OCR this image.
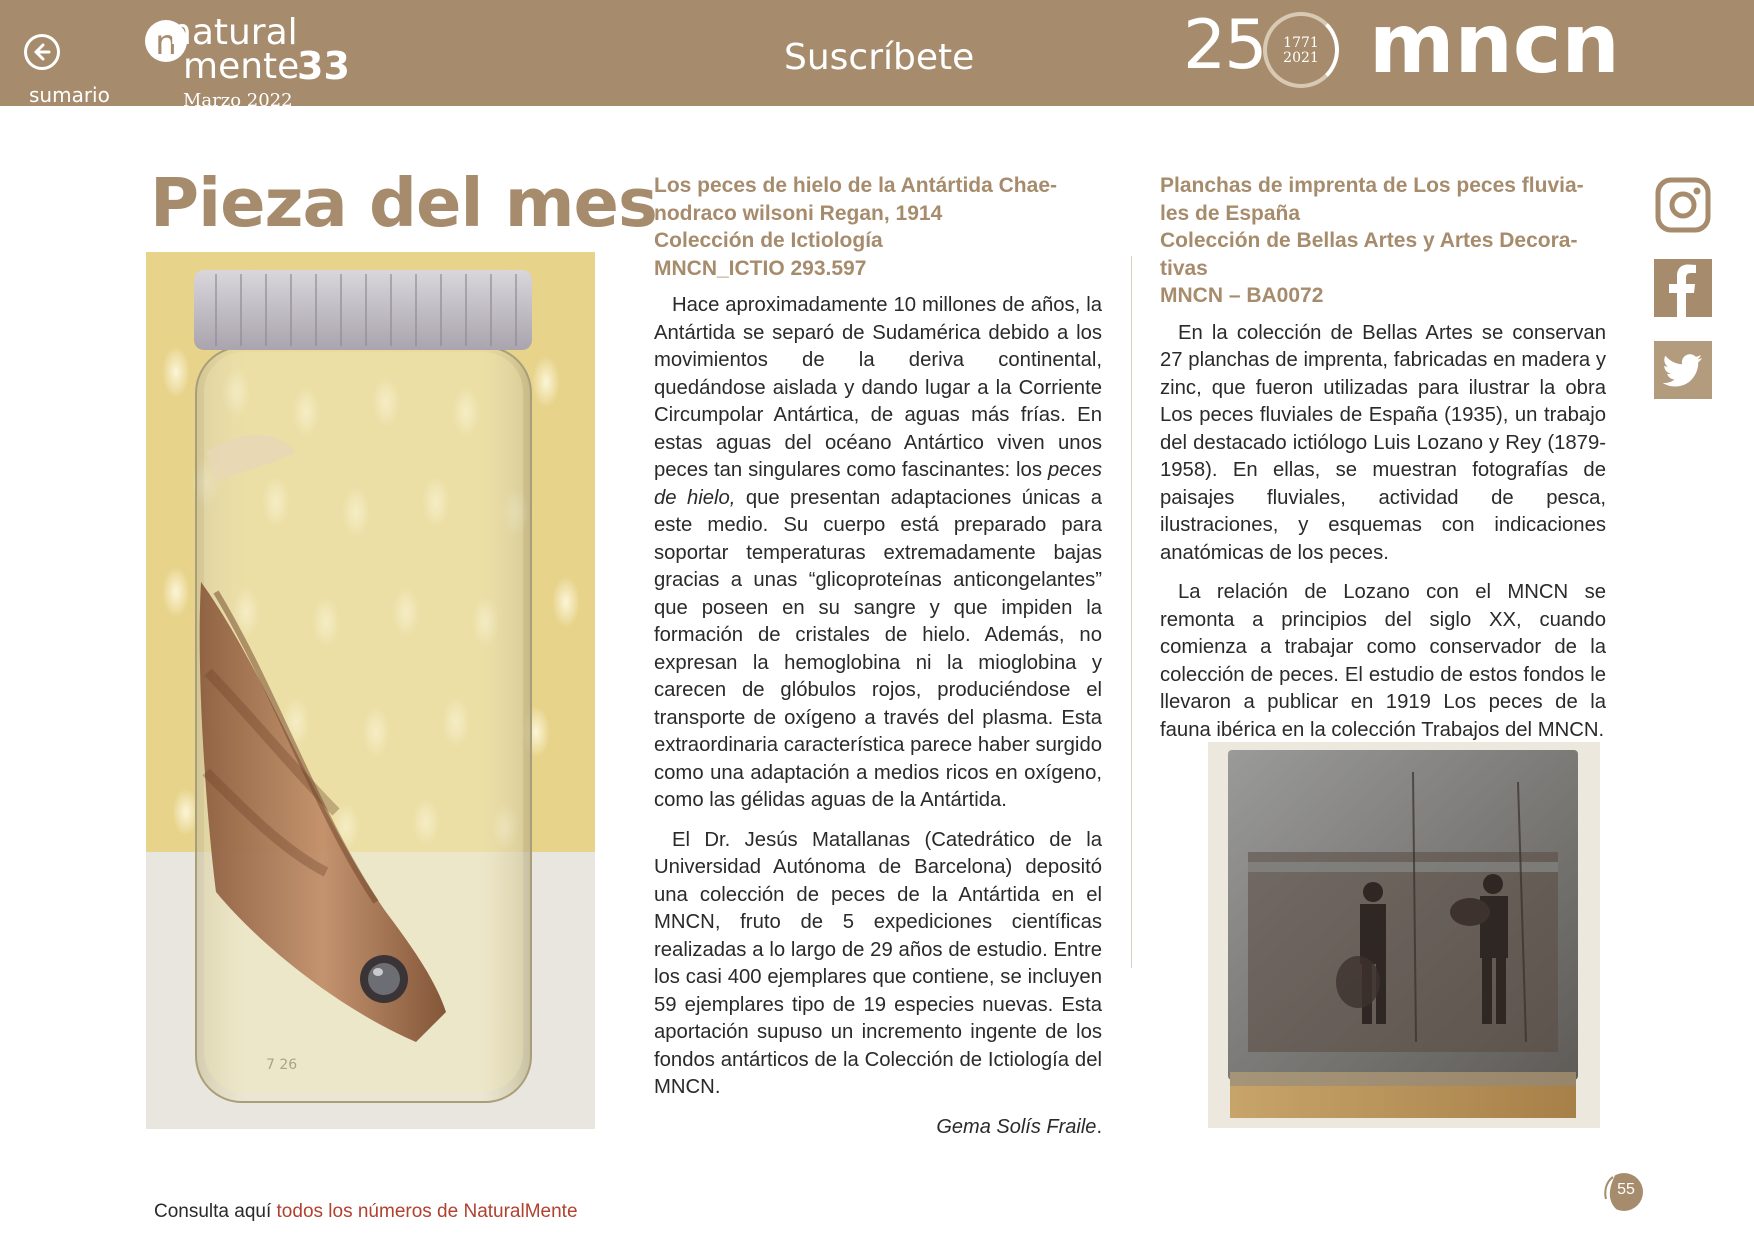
sumario
n
natural
mente
33
Marzo 2022
Suscríbete	25	1771
2021 mncn
Pieza del mes
7 26
Los peces de hielo de la Antártida Chae-
nodraco wilsoni Regan, 1914
Colección de Ictiología
MNCN_ICTIO 293.597

Hace aproximadamente 10 millones de años, la Antártida se separó de Sudamérica debido a los movimientos de la deriva continental, quedándose aislada y dando lugar a la Corriente Circumpolar Antártica, de aguas más frías. En estas aguas del océano Antártico viven unos peces tan singulares como fascinantes: los peces de hielo, que presentan adaptaciones únicas a este medio. Su cuerpo está preparado para soportar temperaturas extremadamente bajas gracias a unas “glicoproteínas anticongelantes” que poseen en su sangre y que impiden la formación de cristales de hielo. Además, no expresan la hemoglobina ni la mioglobina y carecen de glóbulos rojos, produciéndose el transporte de oxígeno a través del plasma. Esta extraordinaria característica parece haber surgido como una adaptación a medios ricos en oxígeno, como las gélidas aguas de la Antártida.

El Dr. Jesús Matallanas (Catedrático de la Universidad Autónoma de Barcelona) depositó una colección de peces de la Antártida en el MNCN, fruto de 5 expediciones científicas realizadas a lo largo de 29 años de estudio. Entre los casi 400 ejemplares que contiene, se incluyen 59 ejemplares tipo de 19 especies nuevas. Esta aportación supuso un incremento ingente de los fondos antárticos de la Colección de Ictiología del MNCN.

Gema Solís Fraile.
Planchas de imprenta de Los peces fluvia-
les de España
Colección de Bellas Artes y Artes Decora-
tivas
MNCN – BA0072

En la colección de Bellas Artes se conservan 27 planchas de imprenta, fabricadas en madera y zinc, que fueron utilizadas para ilustrar la obra Los peces fluviales de España (1935), un trabajo del destacado ictiólogo Luis Lozano y Rey (1879-1958). En ellas, se muestran fotografías de paisajes fluviales, actividad de pesca, ilustraciones, y esquemas con indicaciones anatómicas de los peces.

La relación de Lozano con el MNCN se remonta a principios del siglo XX, cuando comienza a trabajar como conservador de la colección de peces. El estudio de estos fondos le llevaron a publicar en 1919 Los peces de la fauna ibérica en la colección Trabajos del MNCN.

Consulta aquí todos los números de NaturalMente
55
